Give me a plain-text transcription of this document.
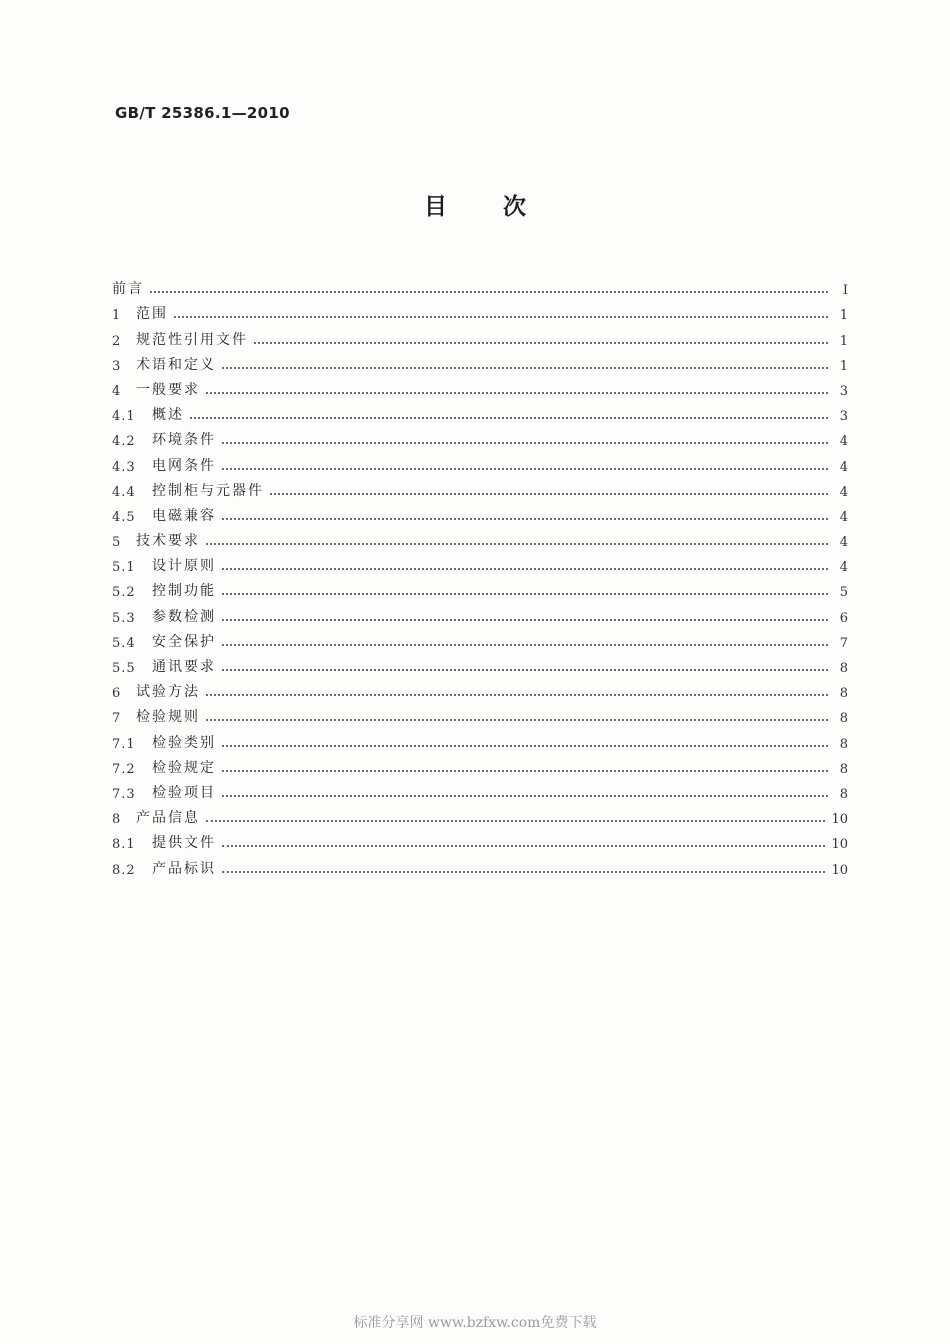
GB/T 25386.1—2010
目次
前言	I
1	范围	1
2	规范性引用文件	1
3	术语和定义	1
4	一般要求	3
4.1	概述	3
4.2	环境条件	4
4.3	电网条件	4
4.4	控制柜与元器件	4
4.5	电磁兼容	4
5	技术要求	4
5.1	设计原则	4
5.2	控制功能	5
5.3	参数检测	6
5.4	安全保护	7
5.5	通讯要求	8
6	试验方法	8
7	检验规则	8
7.1	检验类别	8
7.2	检验规定	8
7.3	检验项目	8
8	产品信息	10
8.1	提供文件	10
8.2	产品标识	10
标准分享网 www.bzfxw.com免费下载
